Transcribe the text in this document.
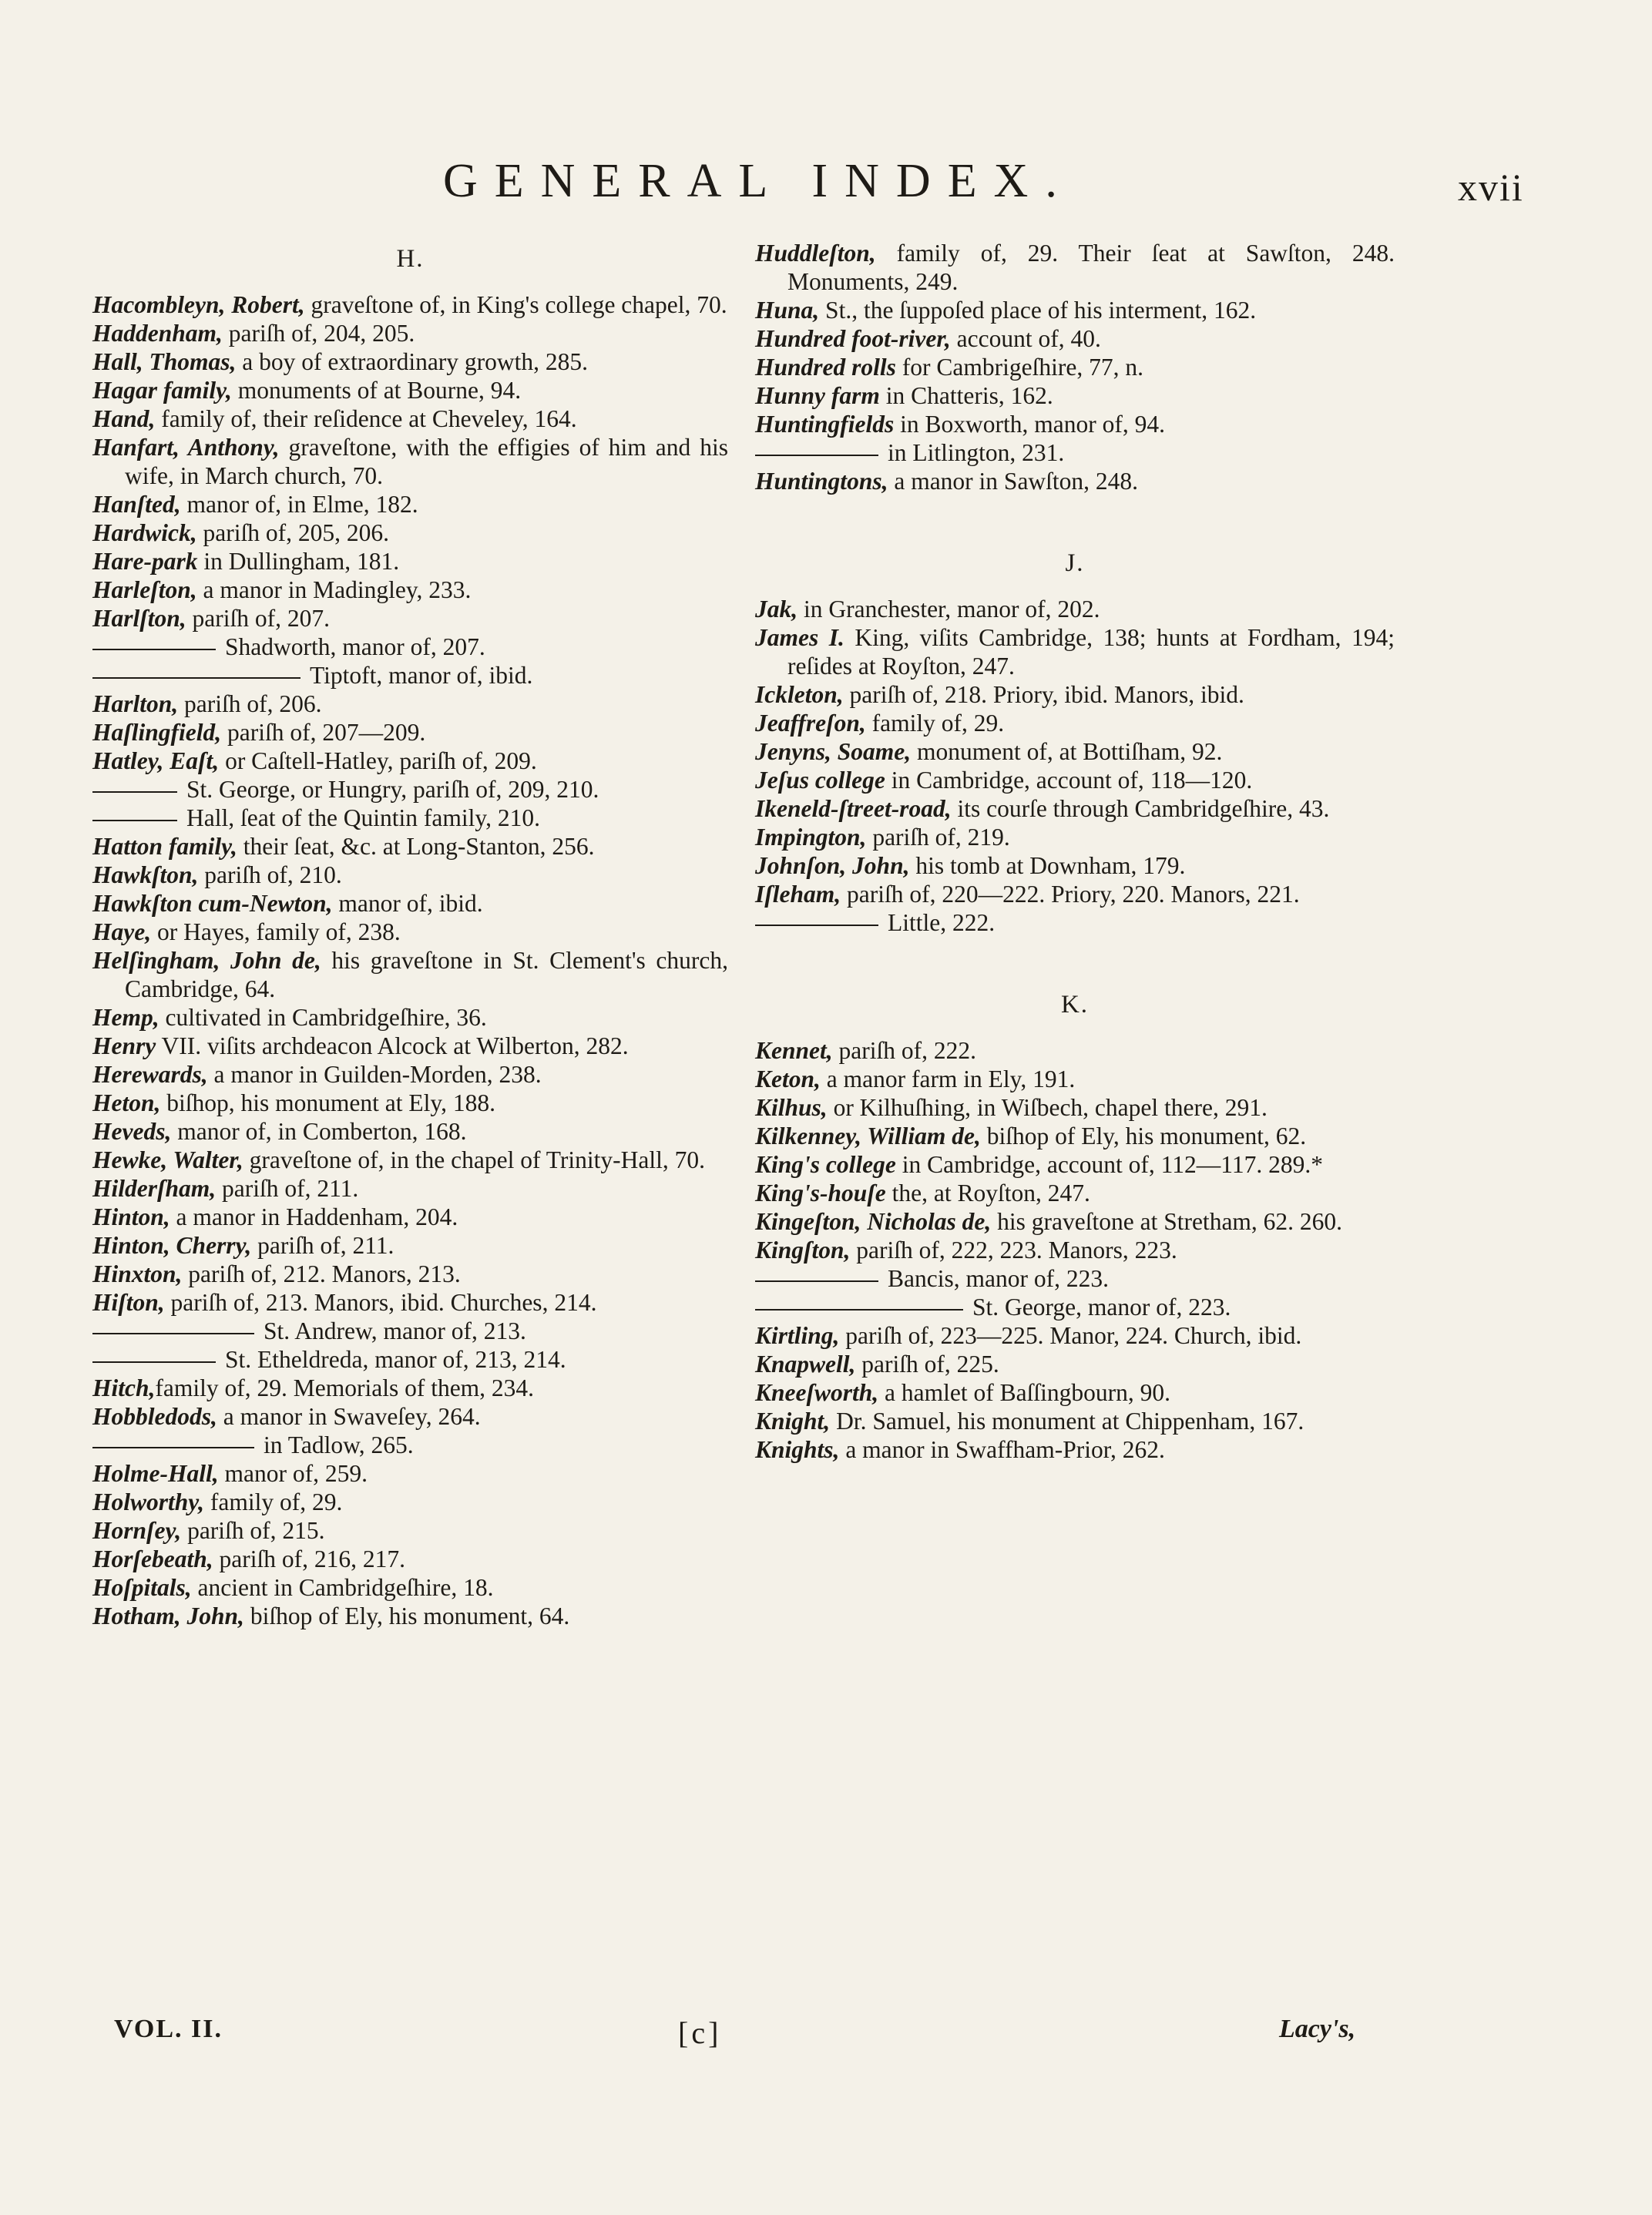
GENERAL INDEX.	xvii
H.

Hacombleyn, Robert, graveſtone of, in King's college chapel, 70.

Haddenham, pariſh of, 204, 205.

Hall, Thomas, a boy of extraordinary growth, 285.

Hagar family, monuments of at Bourne, 94.

Hand, family of, their reſidence at Cheveley, 164.

Hanfart, Anthony, graveſtone, with the effigies of him and his wife, in March church, 70.

Hanſted, manor of, in Elme, 182.

Hardwick, pariſh of, 205, 206.

Hare-park in Dullingham, 181.

Harleſton, a manor in Madingley, 233.

Harlſton, pariſh of, 207.

Shadworth, manor of, 207.

Tiptoft, manor of, ibid.

Harlton, pariſh of, 206.

Haſlingfield, pariſh of, 207—209.

Hatley, Eaſt, or Caſtell-Hatley, pariſh of, 209.

St. George, or Hungry, pariſh of, 209, 210.

Hall, ſeat of the Quintin family, 210.

Hatton family, their ſeat, &c. at Long-Stanton, 256.

Hawkſton, pariſh of, 210.

Hawkſton cum-Newton, manor of, ibid.

Haye, or Hayes, family of, 238.

Helſingham, John de, his graveſtone in St. Clement's church, Cambridge, 64.

Hemp, cultivated in Cambridgeſhire, 36.

Henry VII. viſits archdeacon Alcock at Wilberton, 282.

Herewards, a manor in Guilden-Morden, 238.

Heton, biſhop, his monument at Ely, 188.

Heveds, manor of, in Comberton, 168.

Hewke, Walter, graveſtone of, in the chapel of Trinity-Hall, 70.

Hilderſham, pariſh of, 211.

Hinton, a manor in Haddenham, 204.

Hinton, Cherry, pariſh of, 211.

Hinxton, pariſh of, 212. Manors, 213.

Hiſton, pariſh of, 213. Manors, ibid. Churches, 214.

St. Andrew, manor of, 213.

St. Etheldreda, manor of, 213, 214.

Hitch,family of, 29. Memorials of them, 234.

Hobbledods, a manor in Swaveſey, 264.

in Tadlow, 265.

Holme-Hall, manor of, 259.

Holworthy, family of, 29.

Hornſey, pariſh of, 215.

Horſebeath, pariſh of, 216, 217.

Hoſpitals, ancient in Cambridgeſhire, 18.

Hotham, John, biſhop of Ely, his monument, 64.

Huddleſton, family of, 29. Their ſeat at Sawſton, 248. Monuments, 249.

Huna, St., the ſuppoſed place of his interment, 162.

Hundred foot-river, account of, 40.

Hundred rolls for Cambrigeſhire, 77, n.

Hunny farm in Chatteris, 162.

Huntingfields in Boxworth, manor of, 94.

in Litlington, 231.

Huntingtons, a manor in Sawſton, 248.

J.

Jak, in Granchester, manor of, 202.

James I. King, viſits Cambridge, 138; hunts at Fordham, 194; reſides at Royſton, 247.

Ickleton, pariſh of, 218. Priory, ibid. Manors, ibid.

Jeaffreſon, family of, 29.

Jenyns, Soame, monument of, at Bottiſham, 92.

Jeſus college in Cambridge, account of, 118—120.

Ikeneld-ſtreet-road, its courſe through Cambridgeſhire, 43.

Impington, pariſh of, 219.

Johnſon, John, his tomb at Downham, 179.

Iſleham, pariſh of, 220—222. Priory, 220. Manors, 221.

Little, 222.

K.

Kennet, pariſh of, 222.

Keton, a manor farm in Ely, 191.

Kilhus, or Kilhuſhing, in Wiſbech, chapel there, 291.

Kilkenney, William de, biſhop of Ely, his monument, 62.

King's college in Cambridge, account of, 112—117. 289.*

King's-houſe the, at Royſton, 247.

Kingeſton, Nicholas de, his graveſtone at Stretham, 62. 260.

Kingſton, pariſh of, 222, 223. Manors, 223.

Bancis, manor of, 223.

St. George, manor of, 223.

Kirtling, pariſh of, 223—225. Manor, 224. Church, ibid.

Knapwell, pariſh of, 225.

Kneeſworth, a hamlet of Baſſingbourn, 90.

Knight, Dr. Samuel, his monument at Chippenham, 167.

Knights, a manor in Swaffham-Prior, 262.

VOL. II.	[c]	Lacy's,
